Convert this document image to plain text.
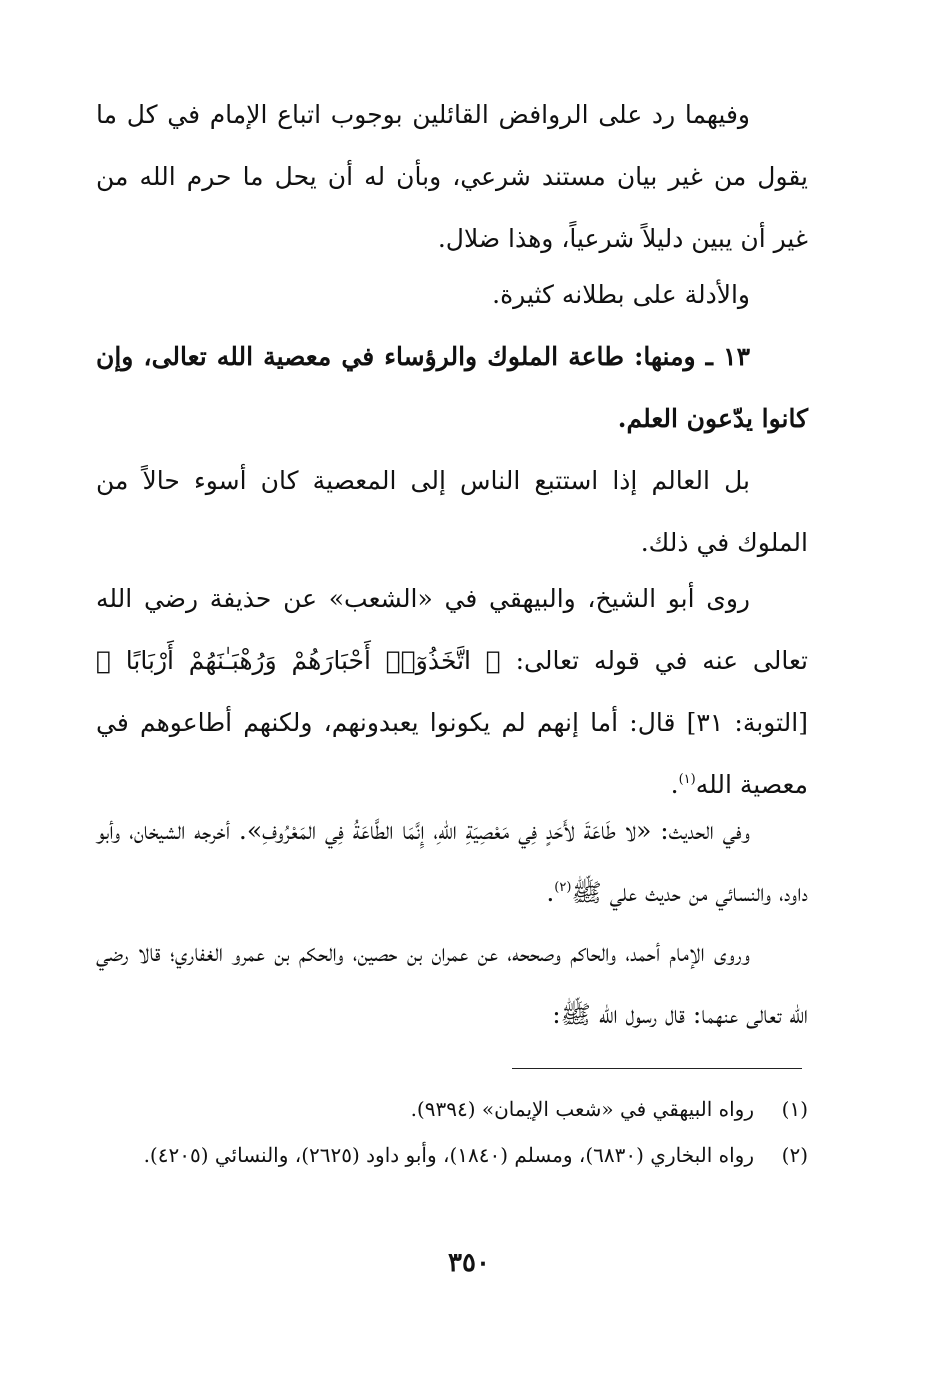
وفيهما رد على الروافض القائلين بوجوب اتباع الإمام في كل ما يقول من غير بيان مستند شرعي، وبأن له أن يحل ما حرم الله من غير أن يبين دليلاً شرعياً، وهذا ضلال.

والأدلة على بطلانه كثيرة.

١٣ ـ ومنها: طاعة الملوك والرؤساء في معصية الله تعالى، وإن كانوا يدّعون العلم.

بل العالم إذا استتبع الناس إلى المعصية كان أسوء حالاً من الملوك في ذلك.

روى أبو الشيخ، والبيهقي في «الشعب» عن حذيفة رضي الله تعالى عنه في قوله تعالى: ﴿ اتَّخَذُوٓا۟ أَحْبَارَهُمْ وَرُهْبَـٰنَهُمْ أَرْبَابًا ﴾[التوبة: ٣١] قال: أما إنهم لم يكونوا يعبدونهم، ولكنهم أطاعوهم في معصية الله$^{(١)}$.

وفي الحديث: «لا طَاعَةَ لأَحَدٍ فِي مَعْصِيَةِ اللهِ، إِنَّمَا الطَّاعَةُ فِي المَعْرُوفِ». أخرجه الشيخان، وأبو داود، والنسائي من حديث علي ﷺ$^{(٢)}$.

وروى الإمام أحمد، والحاكم وصححه، عن عمران بن حصين، والحكم بن عمرو الغفاري؛ قالا رضي الله تعالى عنهما: قال رسول الله ﷺ:

(١)
رواه البيهقي في «شعب الإيمان» (٩٣٩٤).
(٢)
رواه البخاري (٦٨٣٠)، ومسلم (١٨٤٠)، وأبو داود (٢٦٢٥)، والنسائي (٤٢٠٥).
٣٥٠
